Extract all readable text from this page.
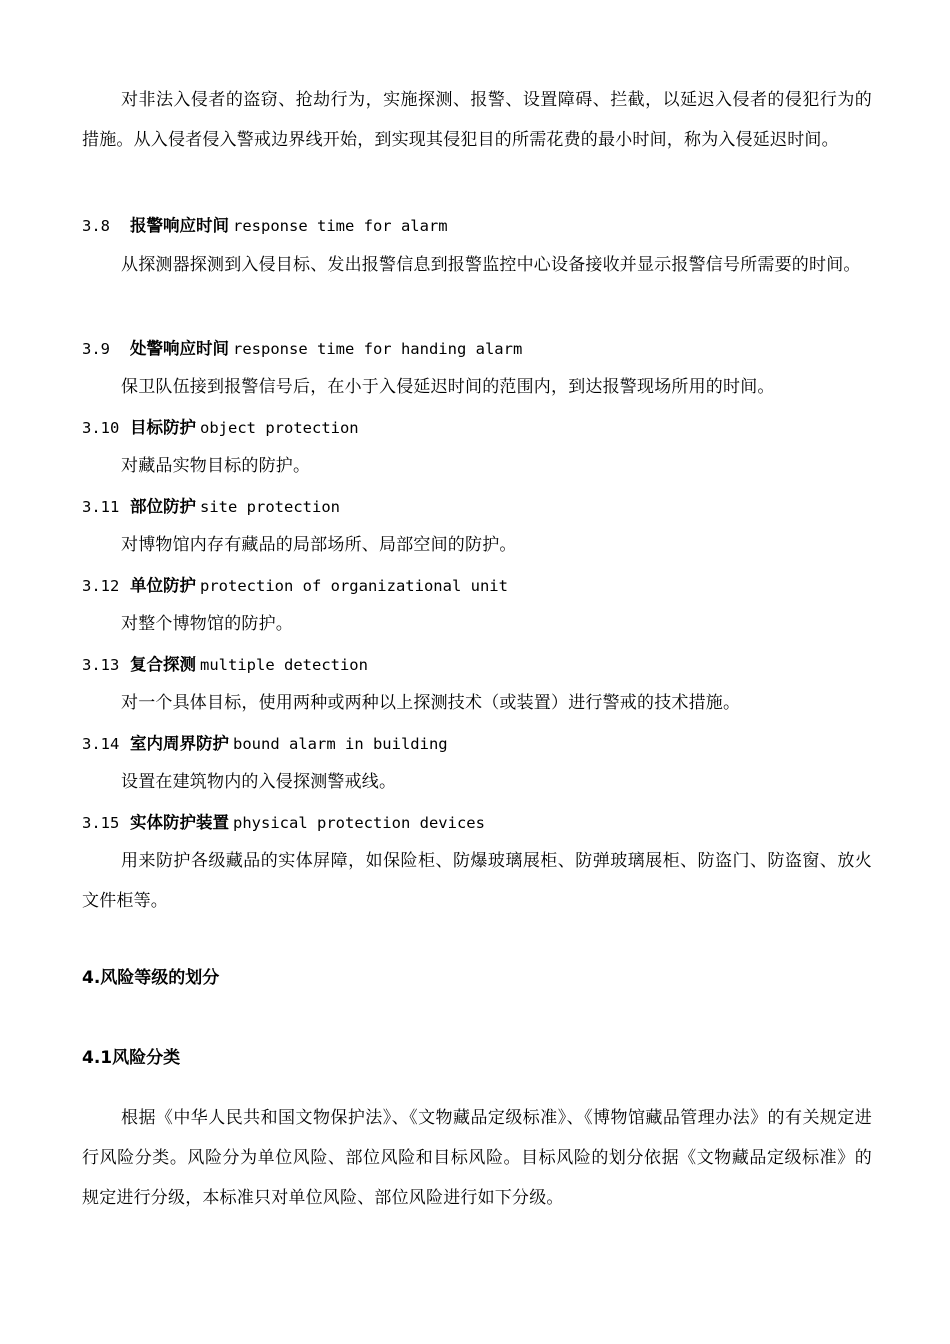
对非法入侵者的盗窃、抢劫行为，实施探测、报警、设置障碍、拦截，以延迟入侵者的侵犯行为的措施。从入侵者侵入警戒边界线开始，到实现其侵犯目的所需花费的最小时间，称为入侵延迟时间。
3.8 报警响应时间 response time for alarm
从探测器探测到入侵目标、发出报警信息到报警监控中心设备接收并显示报警信号所需要的时间。
3.9 处警响应时间 response time for handing alarm
保卫队伍接到报警信号后，在小于入侵延迟时间的范围内，到达报警现场所用的时间。
3.10 目标防护 object protection
对藏品实物目标的防护。
3.11 部位防护 site protection
对博物馆内存有藏品的局部场所、局部空间的防护。
3.12 单位防护 protection of organizational unit
对整个博物馆的防护。
3.13 复合探测 multiple detection
对一个具体目标，使用两种或两种以上探测技术（或装置）进行警戒的技术措施。
3.14 室内周界防护 bound alarm in building
设置在建筑物内的入侵探测警戒线。
3.15 实体防护装置 physical protection devices
用来防护各级藏品的实体屏障，如保险柜、防爆玻璃展柜、防弹玻璃展柜、防盗门、防盗窗、放火文件柜等。
4.风险等级的划分
4.1风险分类
根据《中华人民共和国文物保护法》、《文物藏品定级标准》、《博物馆藏品管理办法》的有关规定进行风险分类。风险分为单位风险、部位风险和目标风险。目标风险的划分依据《文物藏品定级标准》的规定进行分级，本标准只对单位风险、部位风险进行如下分级。
